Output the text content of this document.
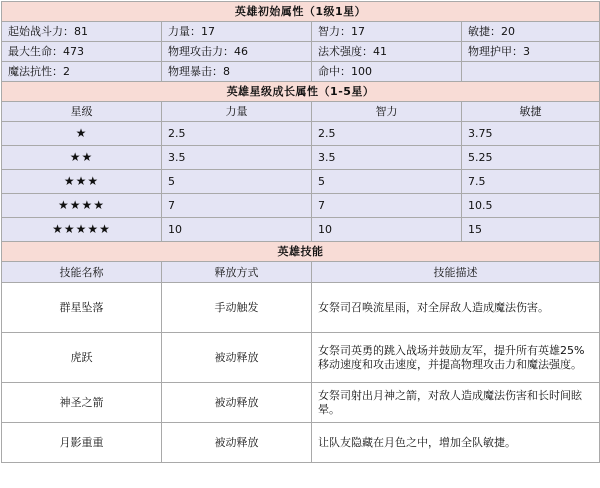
英雄初始属性（1级1星）			
起始战斗力：81	力量：17	智力：17	敏捷：20
最大生命：473	物理攻击力：46	法术强度：41	物理护甲：3
魔法抗性：2	物理暴击：8	命中：100	
英雄星级成长属性（1-5星）			
星级	力量	智力	敏捷
★	2.5	2.5	3.75
★★	3.5	3.5	5.25
★★★	5	5	7.5
★★★★	7	7	10.5
★★★★★	10	10	15
英雄技能		
技能名称	释放方式	技能描述
群星坠落	手动触发	女祭司召唤流星雨，对全屏敌人造成魔法伤害。
虎跃	被动释放	女祭司英勇的跳入战场并鼓励友军，提升所有英雄25%移动速度和攻击速度，并提高物理攻击力和魔法强度。
神圣之箭	被动释放	女祭司射出月神之箭，对敌人造成魔法伤害和长时间眩晕。
月影重重	被动释放	让队友隐藏在月色之中，增加全队敏捷。
